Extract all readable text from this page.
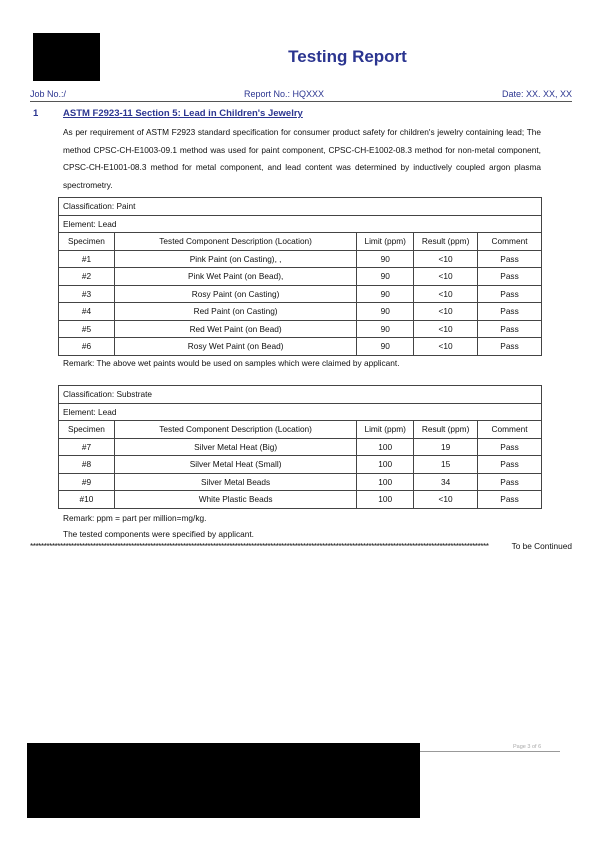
Testing Report
Job No.:/	Report No.: HQXXX	Date: XX. XX, XX
1	ASTM F2923-11 Section 5: Lead in Children's Jewelry
As per requirement of ASTM F2923 standard specification for consumer product safety for children's jewelry containing lead; The method CPSC-CH-E1003-09.1 method was used for paint component, CPSC-CH-E1002-08.3 method for non-metal component, CPSC-CH-E1001-08.3 method for metal component, and lead content was determined by inductively coupled argon plasma spectrometry.
Classification: Paint				
Element: Lead				
Specimen	Tested Component Description (Location)	Limit (ppm)	Result (ppm)	Comment
#1	Pink Paint (on Casting), ,	90	<10	Pass
#2	Pink Wet Paint (on Bead),	90	<10	Pass
#3	Rosy Paint (on Casting)	90	<10	Pass
#4	Red Paint (on Casting)	90	<10	Pass
#5	Red Wet Paint (on Bead)	90	<10	Pass
#6	Rosy Wet Paint (on Bead)	90	<10	Pass
Remark: The above wet paints would be used on samples which were claimed by applicant.
Classification: Substrate				
Element: Lead				
Specimen	Tested Component Description (Location)	Limit (ppm)	Result (ppm)	Comment
#7	Silver Metal Heat (Big)	100	19	Pass
#8	Silver Metal Heat (Small)	100	15	Pass
#9	Silver Metal Beads	100	34	Pass
#10	White Plastic Beads	100	<10	Pass
Remark: ppm = part per million=mg/kg.
The tested components were specified by applicant.
************************************************************************************************************************************************************************	To be Continued
Page 3 of 6
